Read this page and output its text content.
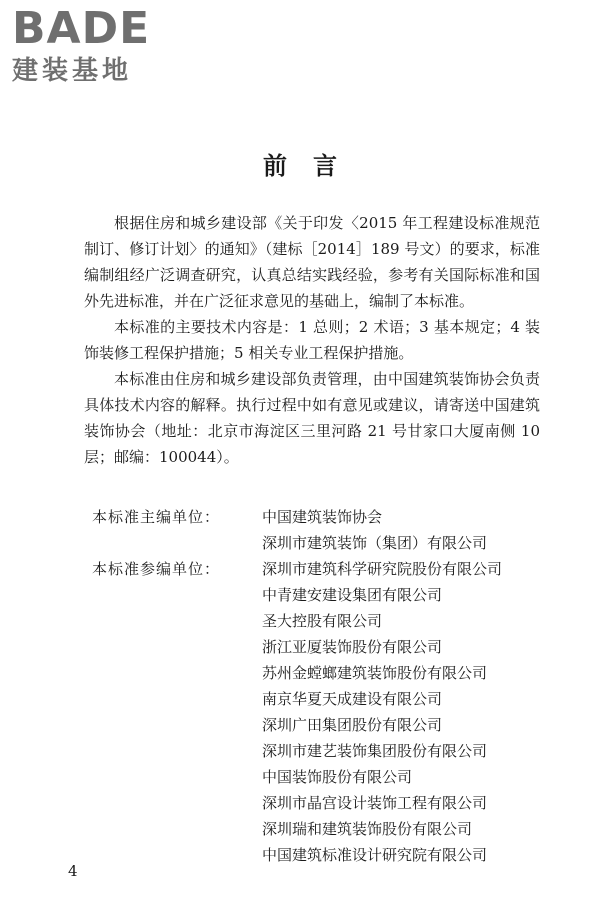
BADE
建装基地
前言

根据住房和城乡建设部《关于印发〈2015 年工程建设标准规范制订、修订计划〉的通知》（建标［2014］189 号文）的要求，标准编制组经广泛调查研究，认真总结实践经验，参考有关国际标准和国外先进标准，并在广泛征求意见的基础上，编制了本标准。

本标准的主要技术内容是：1 总则；2 术语；3 基本规定；4 装饰装修工程保护措施；5 相关专业工程保护措施。

本标准由住房和城乡建设部负责管理，由中国建筑装饰协会负责具体技术内容的解释。执行过程中如有意见或建议，请寄送中国建筑装饰协会（地址：北京市海淀区三里河路 21 号甘家口大厦南侧 10 层；邮编：100044）。

本标准主编单位：	中国建筑装饰协会
深圳市建筑装饰（集团）有限公司
本标准参编单位：	深圳市建筑科学研究院股份有限公司
中青建安建设集团有限公司
圣大控股有限公司
浙江亚厦装饰股份有限公司
苏州金螳螂建筑装饰股份有限公司
南京华夏天成建设有限公司
深圳广田集团股份有限公司
深圳市建艺装饰集团股份有限公司
中国装饰股份有限公司
深圳市晶宫设计装饰工程有限公司
深圳瑞和建筑装饰股份有限公司
中国建筑标准设计研究院有限公司
4
